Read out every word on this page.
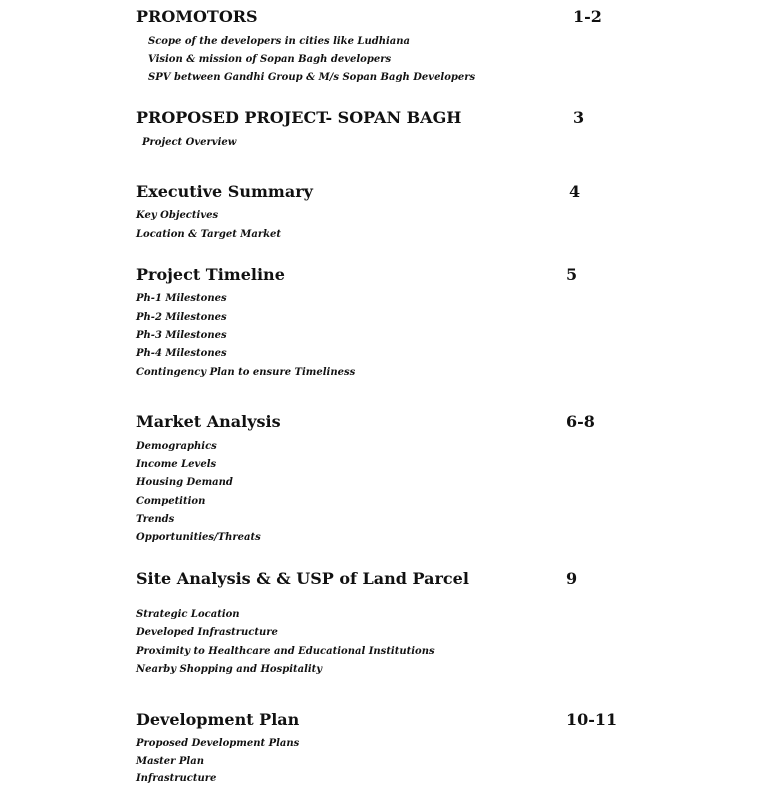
PROMOTORS	1-2
Scope of the developers in cities like Ludhiana
Vision & mission of Sopan Bagh developers
SPV between Gandhi Group & M/s Sopan Bagh Developers
PROPOSED PROJECT- SOPAN BAGH	3
Project Overview
Executive Summary	4
Key Objectives
Location & Target Market
Project Timeline	5
Ph-1 Milestones
Ph-2 Milestones
Ph-3 Milestones
Ph-4 Milestones
Contingency Plan to ensure Timeliness
Market Analysis	6-8
Demographics
Income Levels
Housing Demand
Competition
Trends
Opportunities/Threats
Site Analysis & & USP of Land Parcel	9
Strategic Location
Developed Infrastructure
Proximity to Healthcare and Educational Institutions
Nearby Shopping and Hospitality
Development Plan	10-11
Proposed Development Plans
Master Plan
Infrastructure
